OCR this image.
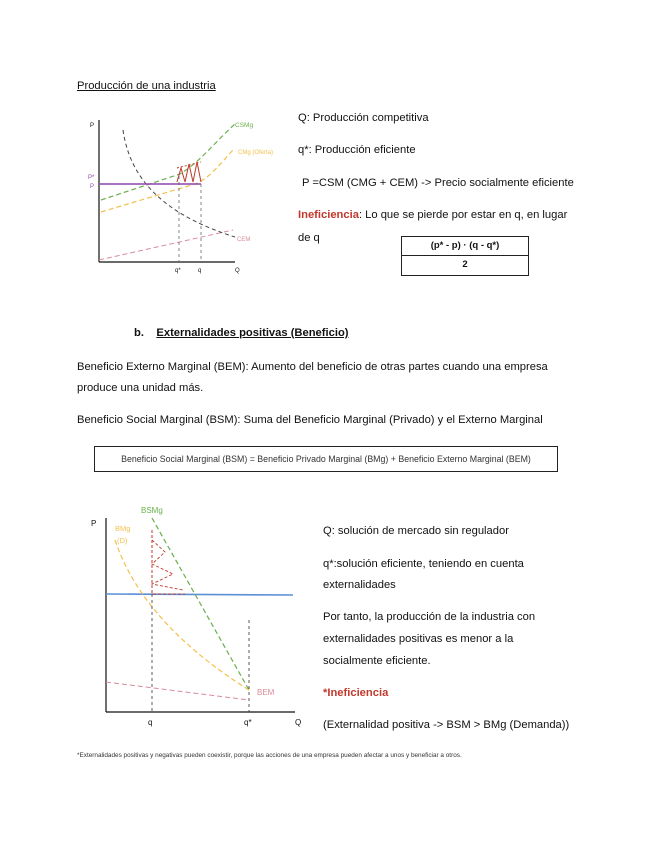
Producción de una industria
P
P*
P
CSMg
CMg (Oferta)
CEM
q*	q	Q
Q: Producción competitiva
q*: Producción eficiente
P =CSM (CMG + CEM) -> Precio socialmente eficiente
Ineficiencia: Lo que se pierde por estar en q, en lugar
de q	$\frac{(p* - p) \cdot (q - q*)}{2}$
b. Externalidades positivas (Beneficio)
Beneficio Externo Marginal (BEM): Aumento del beneficio de otras partes cuando una empresa
produce una unidad más.
Beneficio Social Marginal (BSM): Suma del Beneficio Marginal (Privado) y el Externo Marginal
Beneficio Social Marginal (BSM) = Beneficio Privado Marginal (BMg) + Beneficio Externo Marginal (BEM)
P
BSMg
BMg
(D)
BEM
q	q*	Q
Q: solución de mercado sin regulador
q*:solución eficiente, teniendo en cuenta
externalidades
Por tanto, la producción de la industria con
externalidades positivas es menor a la
socialmente eficiente.
*Ineficiencia
(Externalidad positiva -> BSM > BMg (Demanda))
*Externalidades positivas y negativas pueden coexistir, porque las acciones de una empresa pueden afectar a unos y beneficiar a otros.
